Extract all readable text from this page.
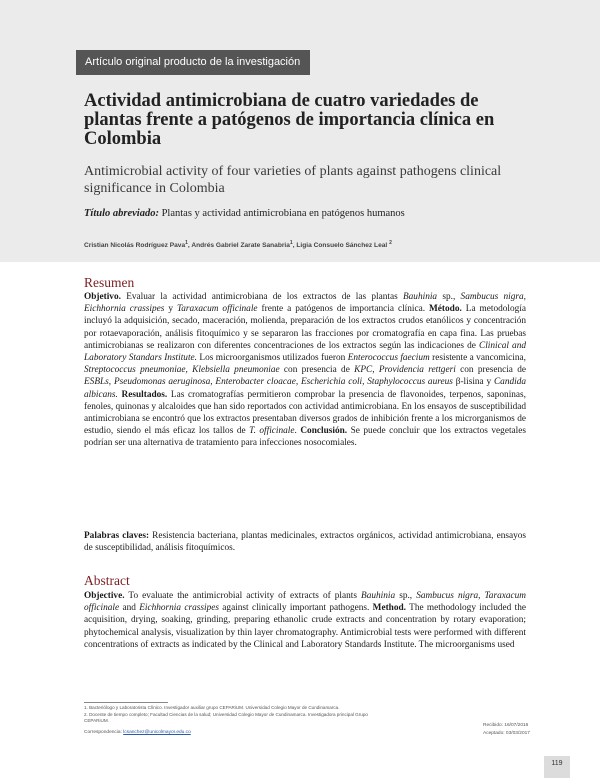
Artículo original producto de la investigación
Actividad antimicrobiana de cuatro variedades de plantas frente a patógenos de importancia clínica en Colombia

Antimicrobial activity of four varieties of plants against pathogens clinical significance in Colombia

Título abreviado: Plantas y actividad antimicrobiana en patógenos humanos
Cristian Nicolás Rodríguez Pava$^1$, Andrés Gabriel Zarate Sanabria$^1$, Ligia Consuelo Sánchez Leal $^2$
Resumen

Objetivo. Evaluar la actividad antimicrobiana de los extractos de las plantas Bauhinia sp., Sambucus nigra, Eichhornia crassipes y Taraxacum officinale frente a patógenos de importancia clínica. Método. La metodología incluyó la adquisición, secado, maceración, molienda, preparación de los extractos crudos etanólicos y concentración por rotaevaporación, análisis fitoquímico y se separaron las fracciones por cromatografía en capa fina. Las pruebas antimicrobianas se realizaron con diferentes concentraciones de los extractos según las indicaciones de Clinical and Laboratory Standars Institute. Los microorganismos utilizados fueron Enterococcus faecium resistente a vancomicina, Streptococcus pneumoniae, Klebsiella pneumoniae con presencia de KPC, Providencia rettgeri con presencia de ESBLs, Pseudomonas aeruginosa, Enterobacter cloacae, Escherichia coli, Staphylococcus aureus β-lisina y Candida albicans. Resultados. Las cromatografías permitieron comprobar la presencia de flavonoides, terpenos, saponinas, fenoles, quinonas y alcaloides que han sido reportados con actividad antimicrobiana. En los ensayos de susceptibilidad antimicrobiana se encontró que los extractos presentaban diversos grados de inhibición frente a los microrganismos de estudio, siendo el más eficaz los tallos de T. officinale. Conclusión. Se puede concluir que los extractos vegetales podrían ser una alternativa de tratamiento para infecciones nosocomiales.

Palabras claves: Resistencia bacteriana, plantas medicinales, extractos orgánicos, actividad antimicrobiana, ensayos de susceptibilidad, análisis fitoquímicos.

Abstract

Objective. To evaluate the antimicrobial activity of extracts of plants Bauhinia sp., Sambucus nigra, Taraxacum officinale and Eichhornia crassipes against clinically important pathogens. Method. The methodology included the acquisition, drying, soaking, grinding, preparing ethanolic crude extracts and concentration by rotary evaporation; phytochemical analysis, visualization by thin layer chromatography. Antimicrobial tests were performed with different concentrations of extracts as indicated by the Clinical and Laboratory Standards Institute. The microorganisms used

1. Bacteriólogo y Laboratorista Clínico. Investigador auxiliar grupo CEPARiUM. Universidad Colegio Mayor de Cundinamarca.
2. Docente de tiempo completo; Facultad Ciencias de la salud; Universidad Colegio Mayor de Cundinamarca. Investigadora principal Grupo
CEPARiUM.
Correspondencia: lcsanchez@unicolmayor.edu.co
Recibido: 16/07/2016
Aceptado: 03/03/2017
119
